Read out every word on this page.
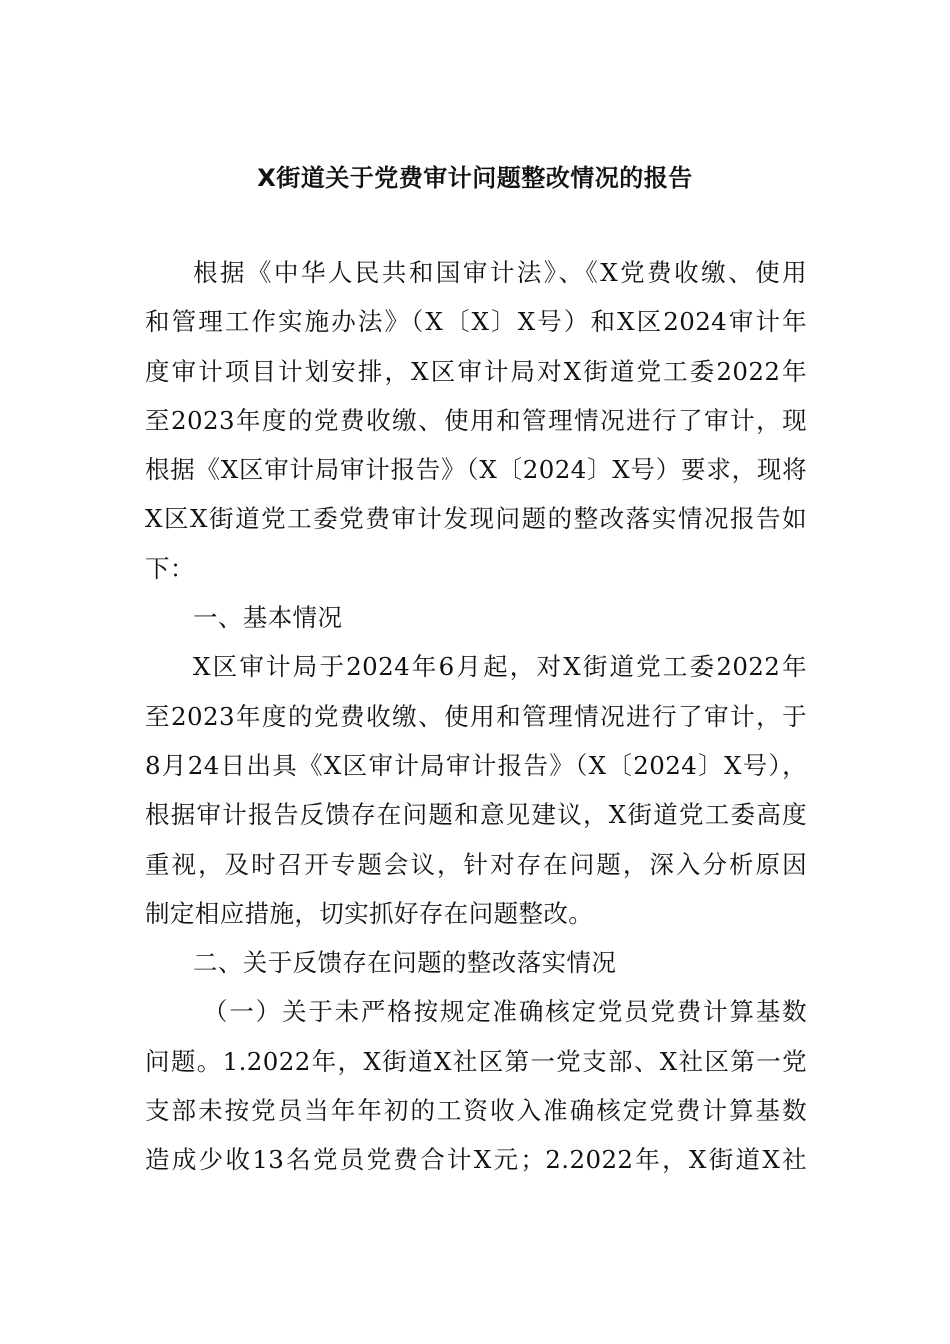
X街道关于党费审计问题整改情况的报告
根据《中华人民共和国审计法》、《X党费收缴、使用
和管理工作实施办法》（X〔X〕X号）和X区2024审计年
度审计项目计划安排，X区审计局对X街道党工委2022年
至2023年度的党费收缴、使用和管理情况进行了审计，现
根据《X区审计局审计报告》（X〔2024〕X号）要求，现将
X区X街道党工委党费审计发现问题的整改落实情况报告如
下：
一、基本情况
X区审计局于2024年6月起，对X街道党工委2022年
至2023年度的党费收缴、使用和管理情况进行了审计，于
8月24日出具《X区审计局审计报告》（X〔2024〕X号），
根据审计报告反馈存在问题和意见建议，X街道党工委高度
重视，及时召开专题会议，针对存在问题，深入分析原因
制定相应措施，切实抓好存在问题整改。
二、关于反馈存在问题的整改落实情况
（一）关于未严格按规定准确核定党员党费计算基数
问题。1.2022年，X街道X社区第一党支部、X社区第一党
支部未按党员当年年初的工资收入准确核定党费计算基数
造成少收13名党员党费合计X元；2.2022年，X街道X社
